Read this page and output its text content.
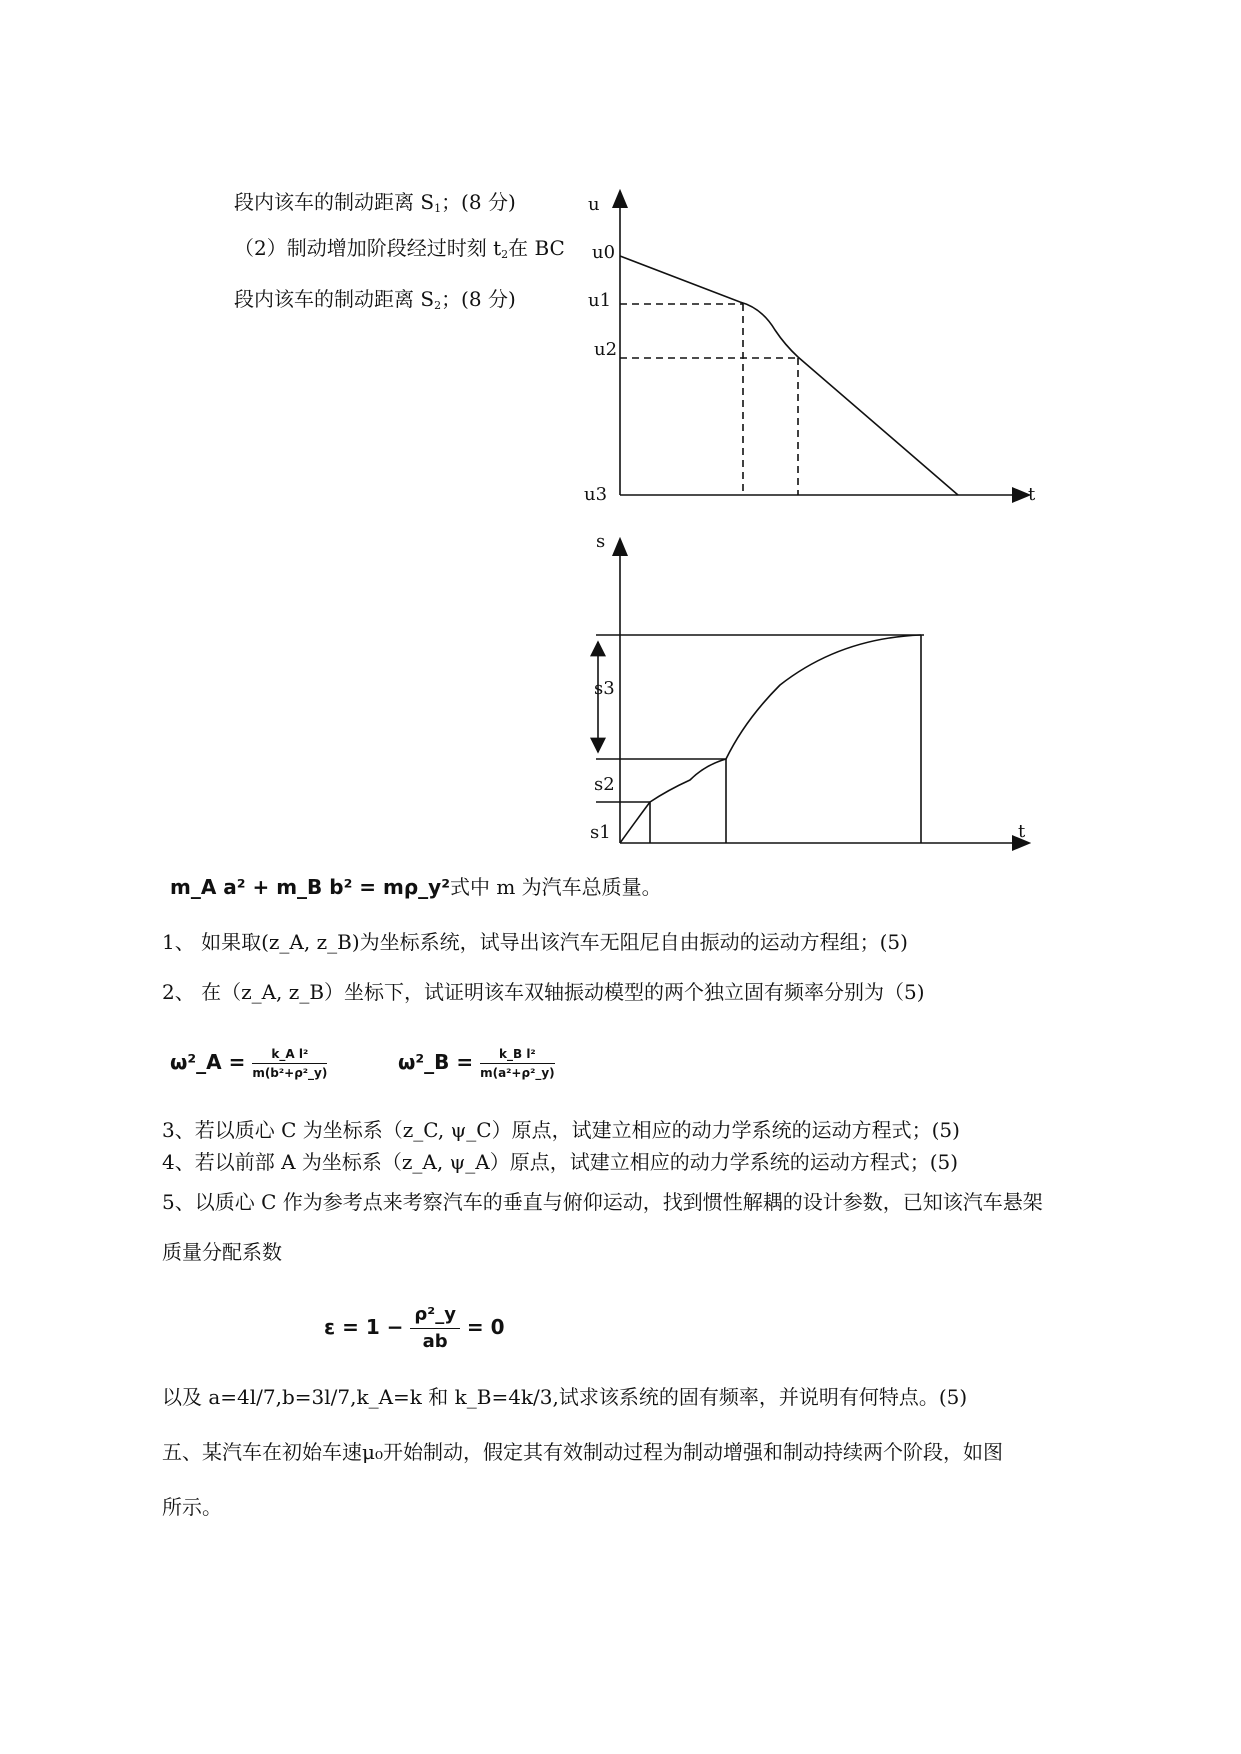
段内该车的制动距离 $S_1$；(8 分)
（2）制动增加阶段经过时刻 $t_2$在 BC
段内该车的制动距离 $S_2$；(8 分)
u
t
u0
u1
u2
u3
s
t
s1
s2
s3
m_A a² + m_B b² = mρ_y²式中 m 为汽车总质量。
1、 如果取(z_A, z_B)为坐标系统，试导出该汽车无阻尼自由振动的运动方程组；(5)
2、 在（z_A, z_B）坐标下，试证明该车双轴振动模型的两个独立固有频率分别为（5)
ω²_A = $\frac{\text{k\_A l²}}{\text{m(b²+ρ²\_y)}}$	ω²_B = $\frac{\text{k\_B l²}}{\text{m(a²+ρ²\_y)}}$
3、若以质心 C 为坐标系（z_C, ψ_C）原点，试建立相应的动力学系统的运动方程式；(5)
4、若以前部 A 为坐标系（z_A, ψ_A）原点，试建立相应的动力学系统的运动方程式；(5)
5、以质心 C 作为参考点来考察汽车的垂直与俯仰运动，找到惯性解耦的设计参数，已知该汽车悬架
质量分配系数
$\varepsilon = 1 - \frac{\text{ρ²\_y}}{ab} = 0$
以及 a=4l/7,b=3l/7,k_A=k 和 k_B=4k/3,试求该系统的固有频率，并说明有何特点。(5)
五、某汽车在初始车速μ₀开始制动，假定其有效制动过程为制动增强和制动持续两个阶段，如图
所示。
